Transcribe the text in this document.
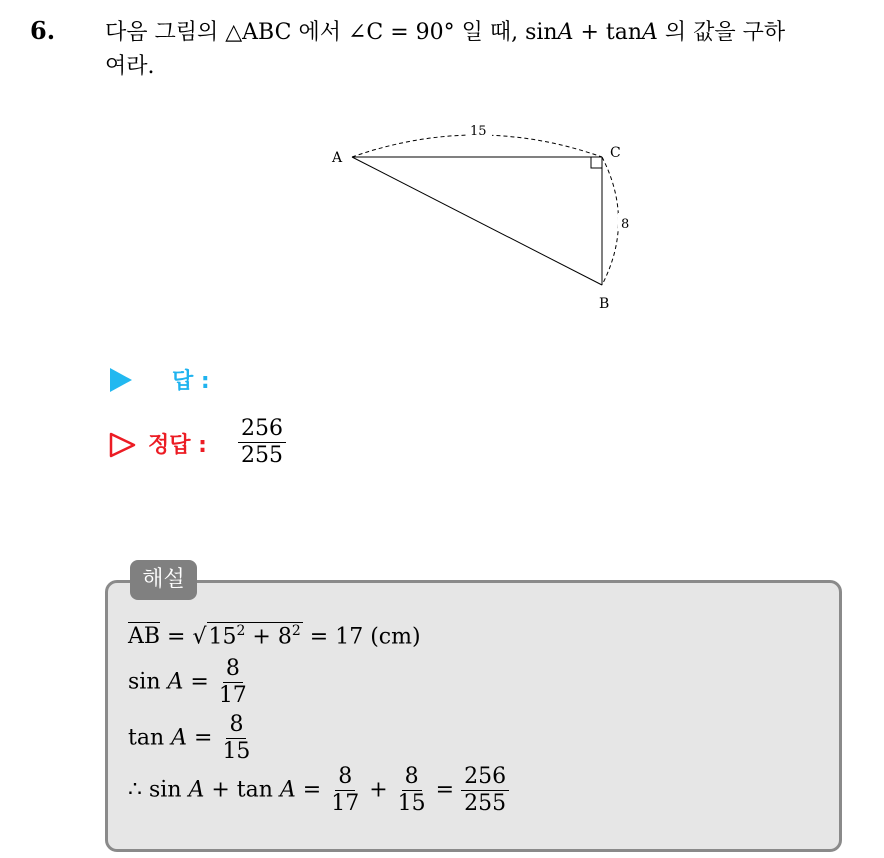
6. 다음 그림의 △ABC 에서 ∠C = 90° 일 때, sinA + tanA 의 값을 구하
여라.
A	C
B
15
8
답 :
정답 : $\frac{256}{255}$
해설
AB = $√15^2 + 8^2 = 17$ (cm)
$\sin A = \frac{8}{17}$
$\tan A = \frac{8}{15}$
∴ $\sin A + \tan A = \frac{8}{17} + \frac{8}{15} = \frac{256}{255}$
